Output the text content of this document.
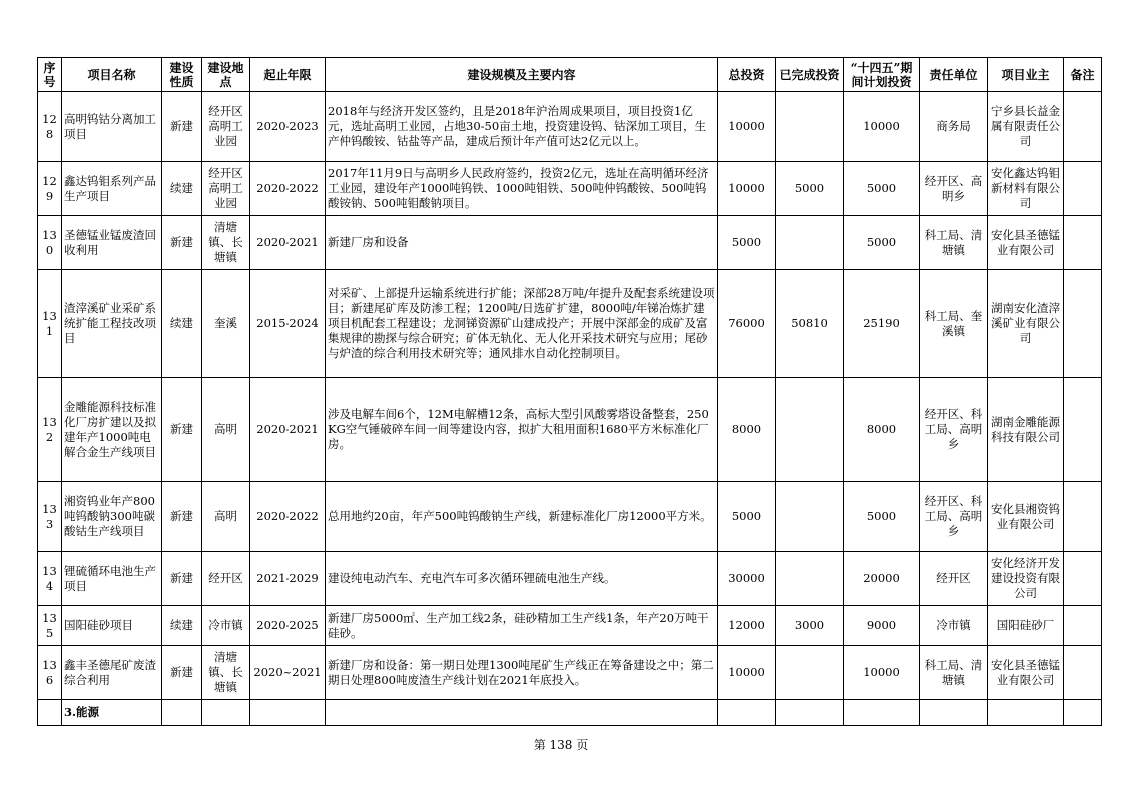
序号	项目名称	建设性质	建设地点	起止年限	建设规模及主要内容	总投资	已完成投资	“十四五”期间计划投资	责任单位	项目业主	备注
128	高明钨钴分离加工项目	新建	经开区高明工业园	2020-2023	2018年与经济开发区签约，且是2018年沪治周成果项目，项目投资1亿元，选址高明工业园，占地30-50亩土地，投资建设钨、钴深加工项目，生产仲钨酸铵、钴盐等产品，建成后预计年产值可达2亿元以上。	10000		10000	商务局	宁乡县长益金属有限责任公司	
129	鑫达钨钼系列产品生产项目	续建	经开区高明工业园	2020-2022	2017年11月9日与高明乡人民政府签约，投资2亿元，选址在高明循环经济工业园，建设年产1000吨钨铁、1000吨钼铁、500吨仲钨酸铵、500吨钨酸铵钠、500吨钼酸钠项目。	10000	5000	5000	经开区、高明乡	安化鑫达钨钼新材料有限公司	
130	圣德锰业锰废渣回收利用	新建	清塘镇、长塘镇	2020-2021	新建厂房和设备	5000		5000	科工局、清塘镇	安化县圣德锰业有限公司	
131	渣滓溪矿业采矿系统扩能工程技改项目	续建	奎溪	2015-2024	对采矿、上部提升运输系统进行扩能；深部28万吨/年提升及配套系统建设项目；新建尾矿库及防渗工程；1200吨/日选矿扩建，8000吨/年锑冶炼扩建项目机配套工程建设；龙洞锑资源矿山建成投产；开展中深部金的成矿及富集规律的勘探与综合研究；矿体无轨化、无人化开采技术研究与应用；尾砂与炉渣的综合利用技术研究等；通风排水自动化控制项目。	76000	50810	25190	科工局、奎溪镇	湖南安化渣滓溪矿业有限公司	
132	金雕能源科技标准化厂房扩建以及拟建年产1000吨电解合金生产线项目	新建	高明	2020-2021	涉及电解车间6个，12M电解槽12条，高标大型引风酸雾塔设备整套，250KG空气锤破碎车间一间等建设内容，拟扩大租用面积1680平方米标准化厂房。	8000		8000	经开区、科工局、高明乡	湖南金雕能源科技有限公司	
133	湘资钨业年产800吨钨酸钠300吨碳酸钴生产线项目	新建	高明	2020-2022	总用地约20亩，年产500吨钨酸钠生产线，新建标准化厂房12000平方米。	5000		5000	经开区、科工局、高明乡	安化县湘资钨业有限公司	
134	锂硫循环电池生产项目	新建	经开区	2021-2029	建设纯电动汽车、充电汽车可多次循环锂硫电池生产线。	30000		20000	经开区	安化经济开发建设投资有限公司	
135	国阳硅砂项目	续建	冷市镇	2020-2025	新建厂房5000㎡、生产加工线2条，硅砂精加工生产线1条，年产20万吨干硅砂。	12000	3000	9000	冷市镇	国阳硅砂厂	
136	鑫丰圣德尾矿废渣综合利用	新建	清塘镇、长塘镇	2020~2021	新建厂房和设备：第一期日处理1300吨尾矿生产线正在筹备建设之中；第二期日处理800吨废渣生产线计划在2021年底投入。	10000		10000	科工局、清塘镇	安化县圣德锰业有限公司	
	3.能源										
第 138 页
